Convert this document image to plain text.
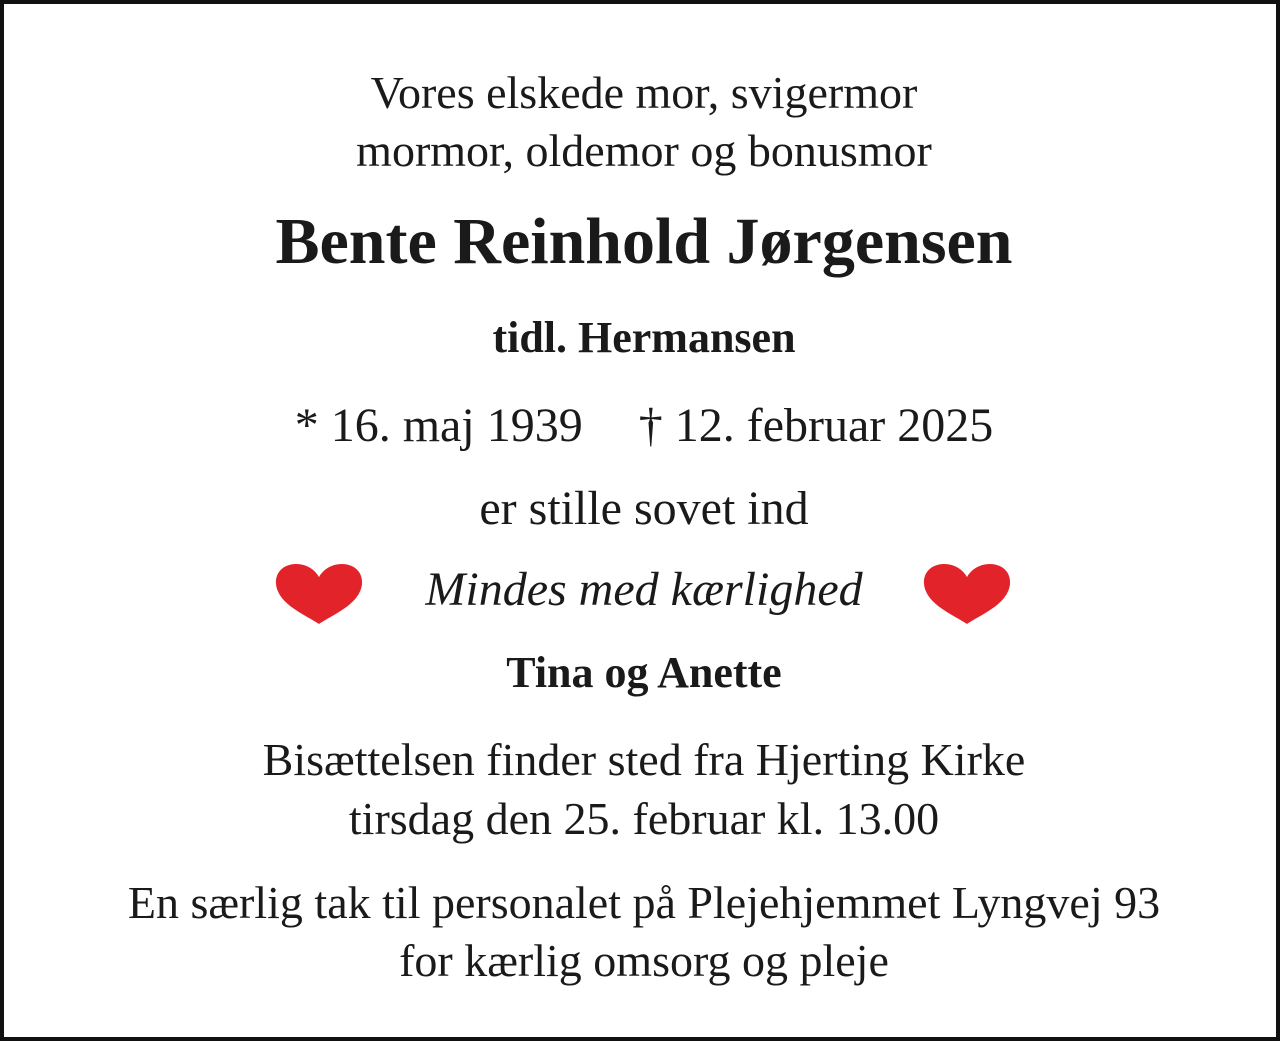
Vores elskede mor, svigermor
mormor, oldemor og bonusmor
Bente Reinhold Jørgensen
tidl. Hermansen
* 16. maj 1939 † 12. februar 2025
er stille sovet ind
Mindes med kærlighed
Tina og Anette
Bisættelsen finder sted fra Hjerting Kirke
tirsdag den 25. februar kl. 13.00
En særlig tak til personalet på Plejehjemmet Lyngvej 93
for kærlig omsorg og pleje
